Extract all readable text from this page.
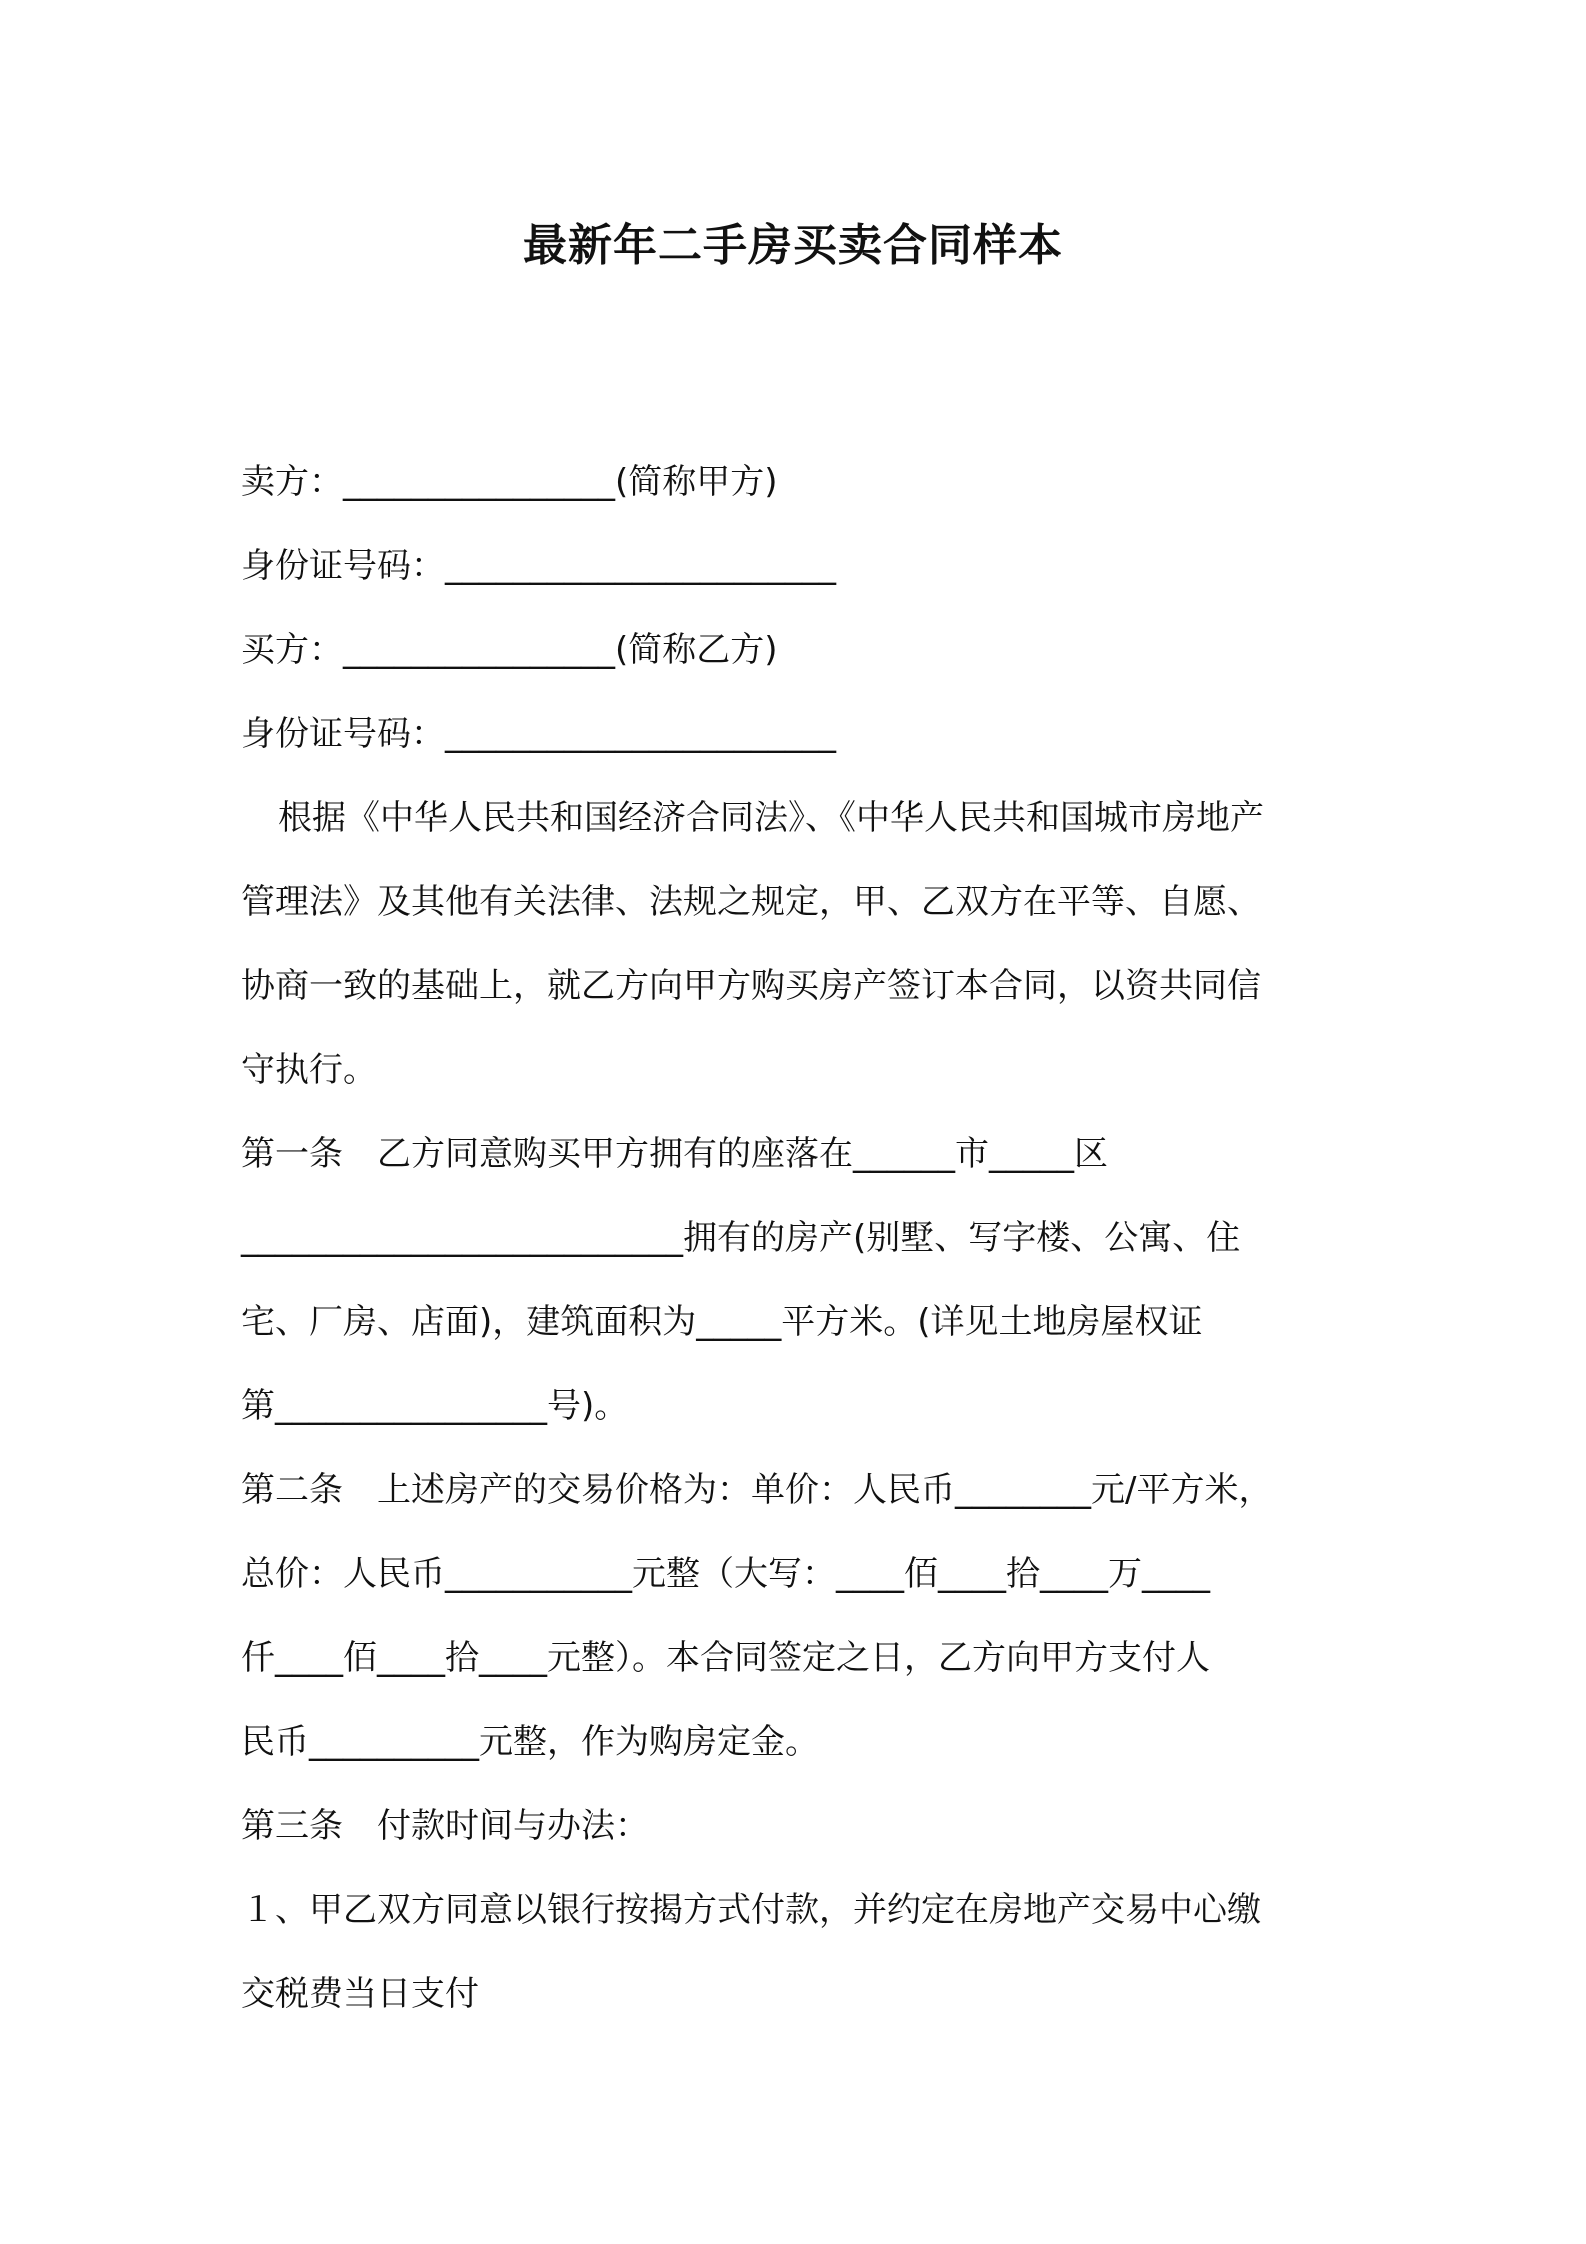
最新年二手房买卖合同样本
卖方：________________(简称甲方)
身份证号码：_______________________
买方：________________(简称乙方)
身份证号码：_______________________
根据《中华人民共和国经济合同法》、《中华人民共和国城市房地产
管理法》及其他有关法律、法规之规定，甲、乙双方在平等、自愿、
协商一致的基础上，就乙方向甲方购买房产签订本合同，以资共同信
守执行。
第一条　乙方同意购买甲方拥有的座落在______市_____区
__________________________拥有的房产(别墅、写字楼、公寓、住
宅、厂房、店面)，建筑面积为_____平方米。(详见土地房屋权证
第________________号)。
第二条　上述房产的交易价格为：单价：人民币________元/平方米，
总价：人民币___________元整（大写：____佰____拾____万____
仟____佰____拾____元整）。本合同签定之日，乙方向甲方支付人
民币__________元整，作为购房定金。
第三条　付款时间与办法：
１、甲乙双方同意以银行按揭方式付款，并约定在房地产交易中心缴
交税费当日支付
